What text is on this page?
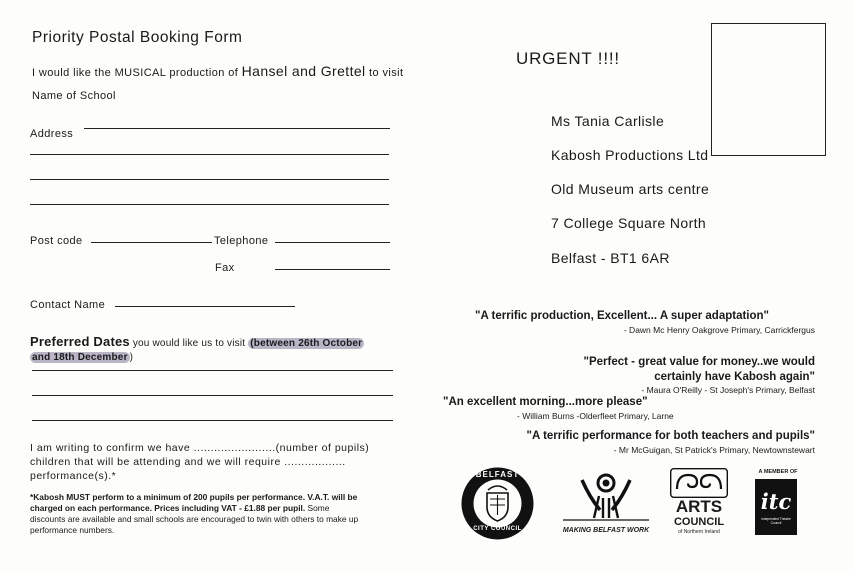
Priority Postal Booking Form
I would like the MUSICAL production of Hansel and Grettel to visit
Name of School
Address
Post code	Telephone
Fax
Contact Name
Preferred Dates you would like us to visit (between 26th October
and 18th December )
I am writing to confirm we have ........................(number of pupils)
children that will be attending and we will require ..................
performance(s).*
*Kabosh MUST perform to a minimum of 200 pupils per performance. V.A.T. will be
charged on each performance. Prices including VAT - £1.88 per pupil. Some
discounts are available and small schools are encouraged to twin with others to make up
performance numbers.
URGENT !!!!
Ms Tania Carlisle
Kabosh Productions Ltd
Old Museum arts centre
7 College Square North
Belfast - BT1 6AR
"A terrific production, Excellent... A super adaptation"
- Dawn Mc Henry Oakgrove Primary, Carrickfergus
"Perfect - great value for money..we would
certainly have Kabosh again"
- Maura O'Reilly - St Joseph's Primary, Belfast
"An excellent morning...more please"
- William Burns -Olderfleet Primary, Larne
"A terrific performance for both teachers and pupils"
- Mr McGuigan, St Patrick's Primary, Newtownstewart
BELFAST
CITY COUNCIL	MAKING BELFAST WORK
ARTS
COUNCIL
of Northern Ireland
A MEMBER OF
itc
Independent Theatre Council
